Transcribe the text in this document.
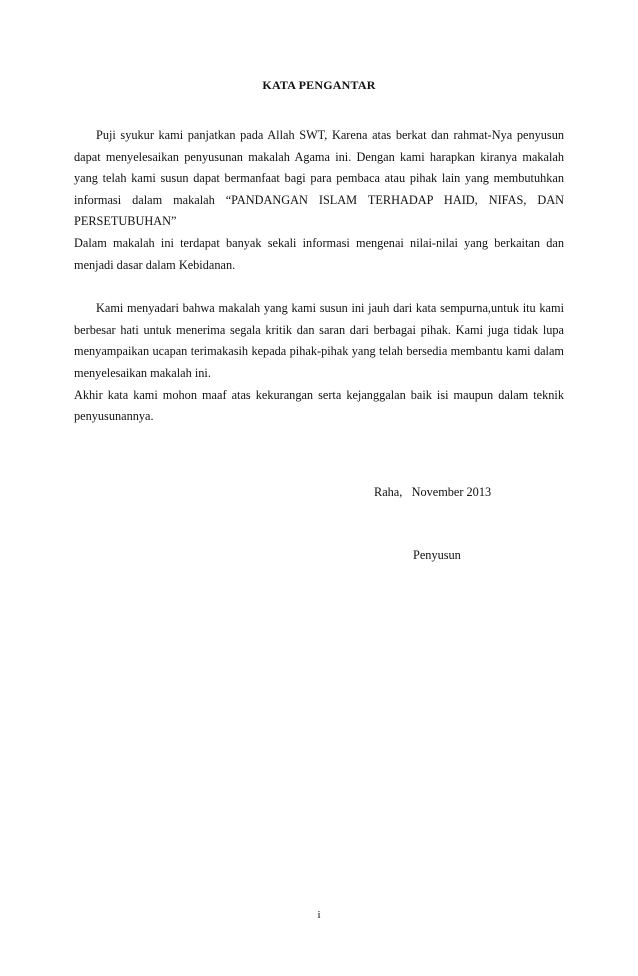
KATA PENGANTAR

Puji syukur kami panjatkan pada Allah SWT, Karena atas berkat dan rahmat-Nya penyusun dapat menyelesaikan penyusunan makalah Agama ini. Dengan kami harapkan kiranya makalah yang telah kami susun dapat bermanfaat bagi para pembaca atau pihak lain yang membutuhkan informasi dalam makalah “PANDANGAN ISLAM TERHADAP HAID, NIFAS, DAN PERSETUBUHAN”

Dalam makalah ini terdapat banyak sekali informasi mengenai nilai-nilai yang berkaitan dan menjadi dasar dalam Kebidanan.

Kami menyadari bahwa makalah yang kami susun ini jauh dari kata sempurna,untuk itu kami berbesar hati untuk menerima segala kritik dan saran dari berbagai pihak. Kami juga tidak lupa menyampaikan ucapan terimakasih kepada pihak-pihak yang telah bersedia membantu kami dalam menyelesaikan makalah ini.

Akhir kata kami mohon maaf atas kekurangan serta kejanggalan baik isi maupun dalam teknik penyusunannya.

Raha,   November 2013
Penyusun
i
